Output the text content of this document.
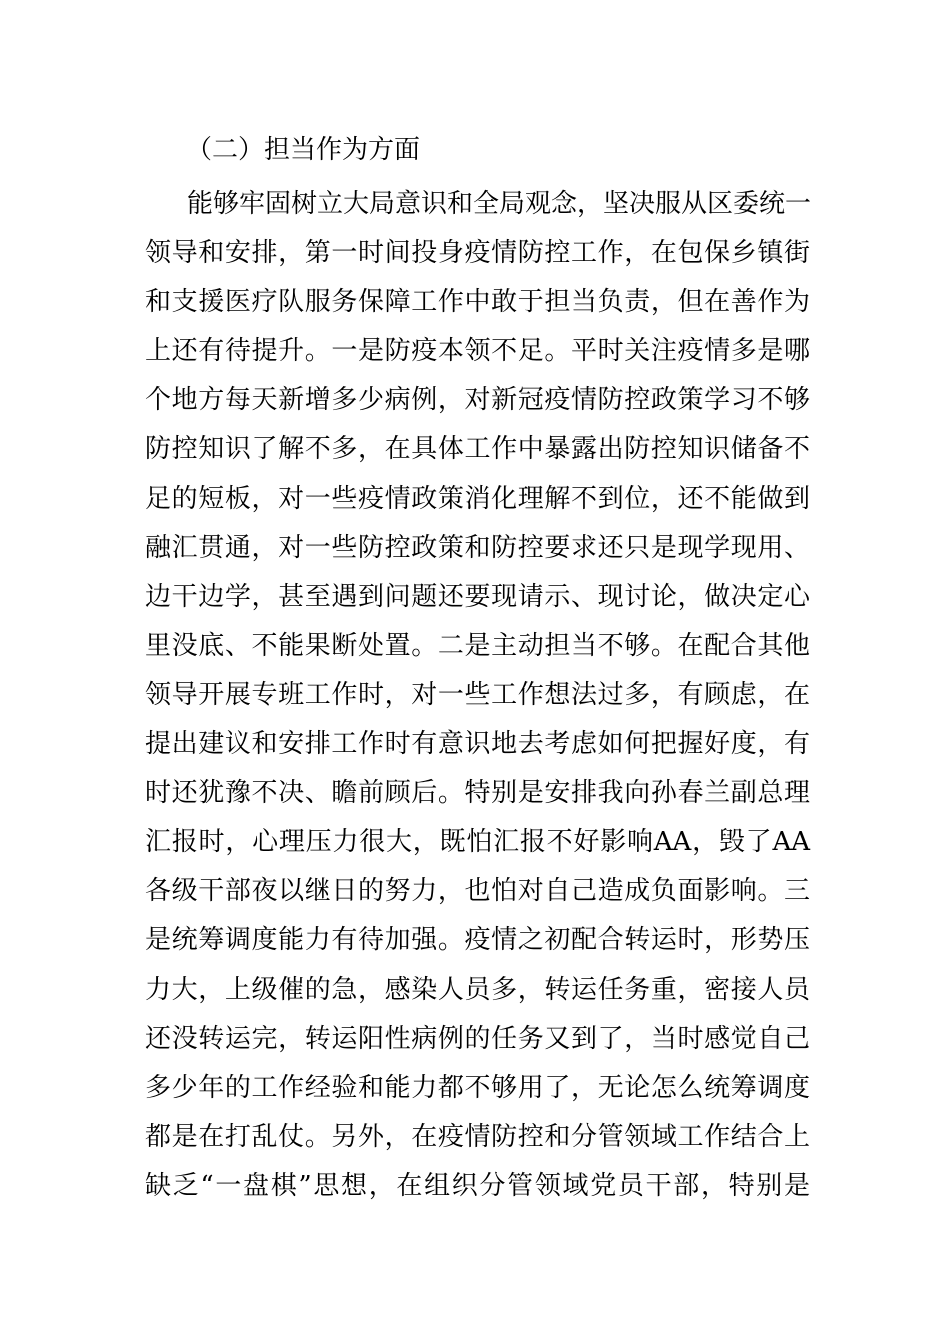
（二）担当作为方面
能够牢固树立大局意识和全局观念，坚决服从区委统一
领导和安排，第一时间投身疫情防控工作，在包保乡镇街
和支援医疗队服务保障工作中敢于担当负责，但在善作为
上还有待提升。一是防疫本领不足。平时关注疫情多是哪
个地方每天新增多少病例，对新冠疫情防控政策学习不够
防控知识了解不多，在具体工作中暴露出防控知识储备不
足的短板，对一些疫情政策消化理解不到位，还不能做到
融汇贯通，对一些防控政策和防控要求还只是现学现用、
边干边学，甚至遇到问题还要现请示、现讨论，做决定心
里没底、不能果断处置。二是主动担当不够。在配合其他
领导开展专班工作时，对一些工作想法过多，有顾虑，在
提出建议和安排工作时有意识地去考虑如何把握好度，有
时还犹豫不决、瞻前顾后。特别是安排我向孙春兰副总理
汇报时，心理压力很大，既怕汇报不好影响AA，毁了AA
各级干部夜以继日的努力，也怕对自己造成负面影响。三
是统筹调度能力有待加强。疫情之初配合转运时，形势压
力大，上级催的急，感染人员多，转运任务重，密接人员
还没转运完，转运阳性病例的任务又到了，当时感觉自己
多少年的工作经验和能力都不够用了，无论怎么统筹调度
都是在打乱仗。另外，在疫情防控和分管领域工作结合上
缺乏“一盘棋”思想，在组织分管领域党员干部，特别是
